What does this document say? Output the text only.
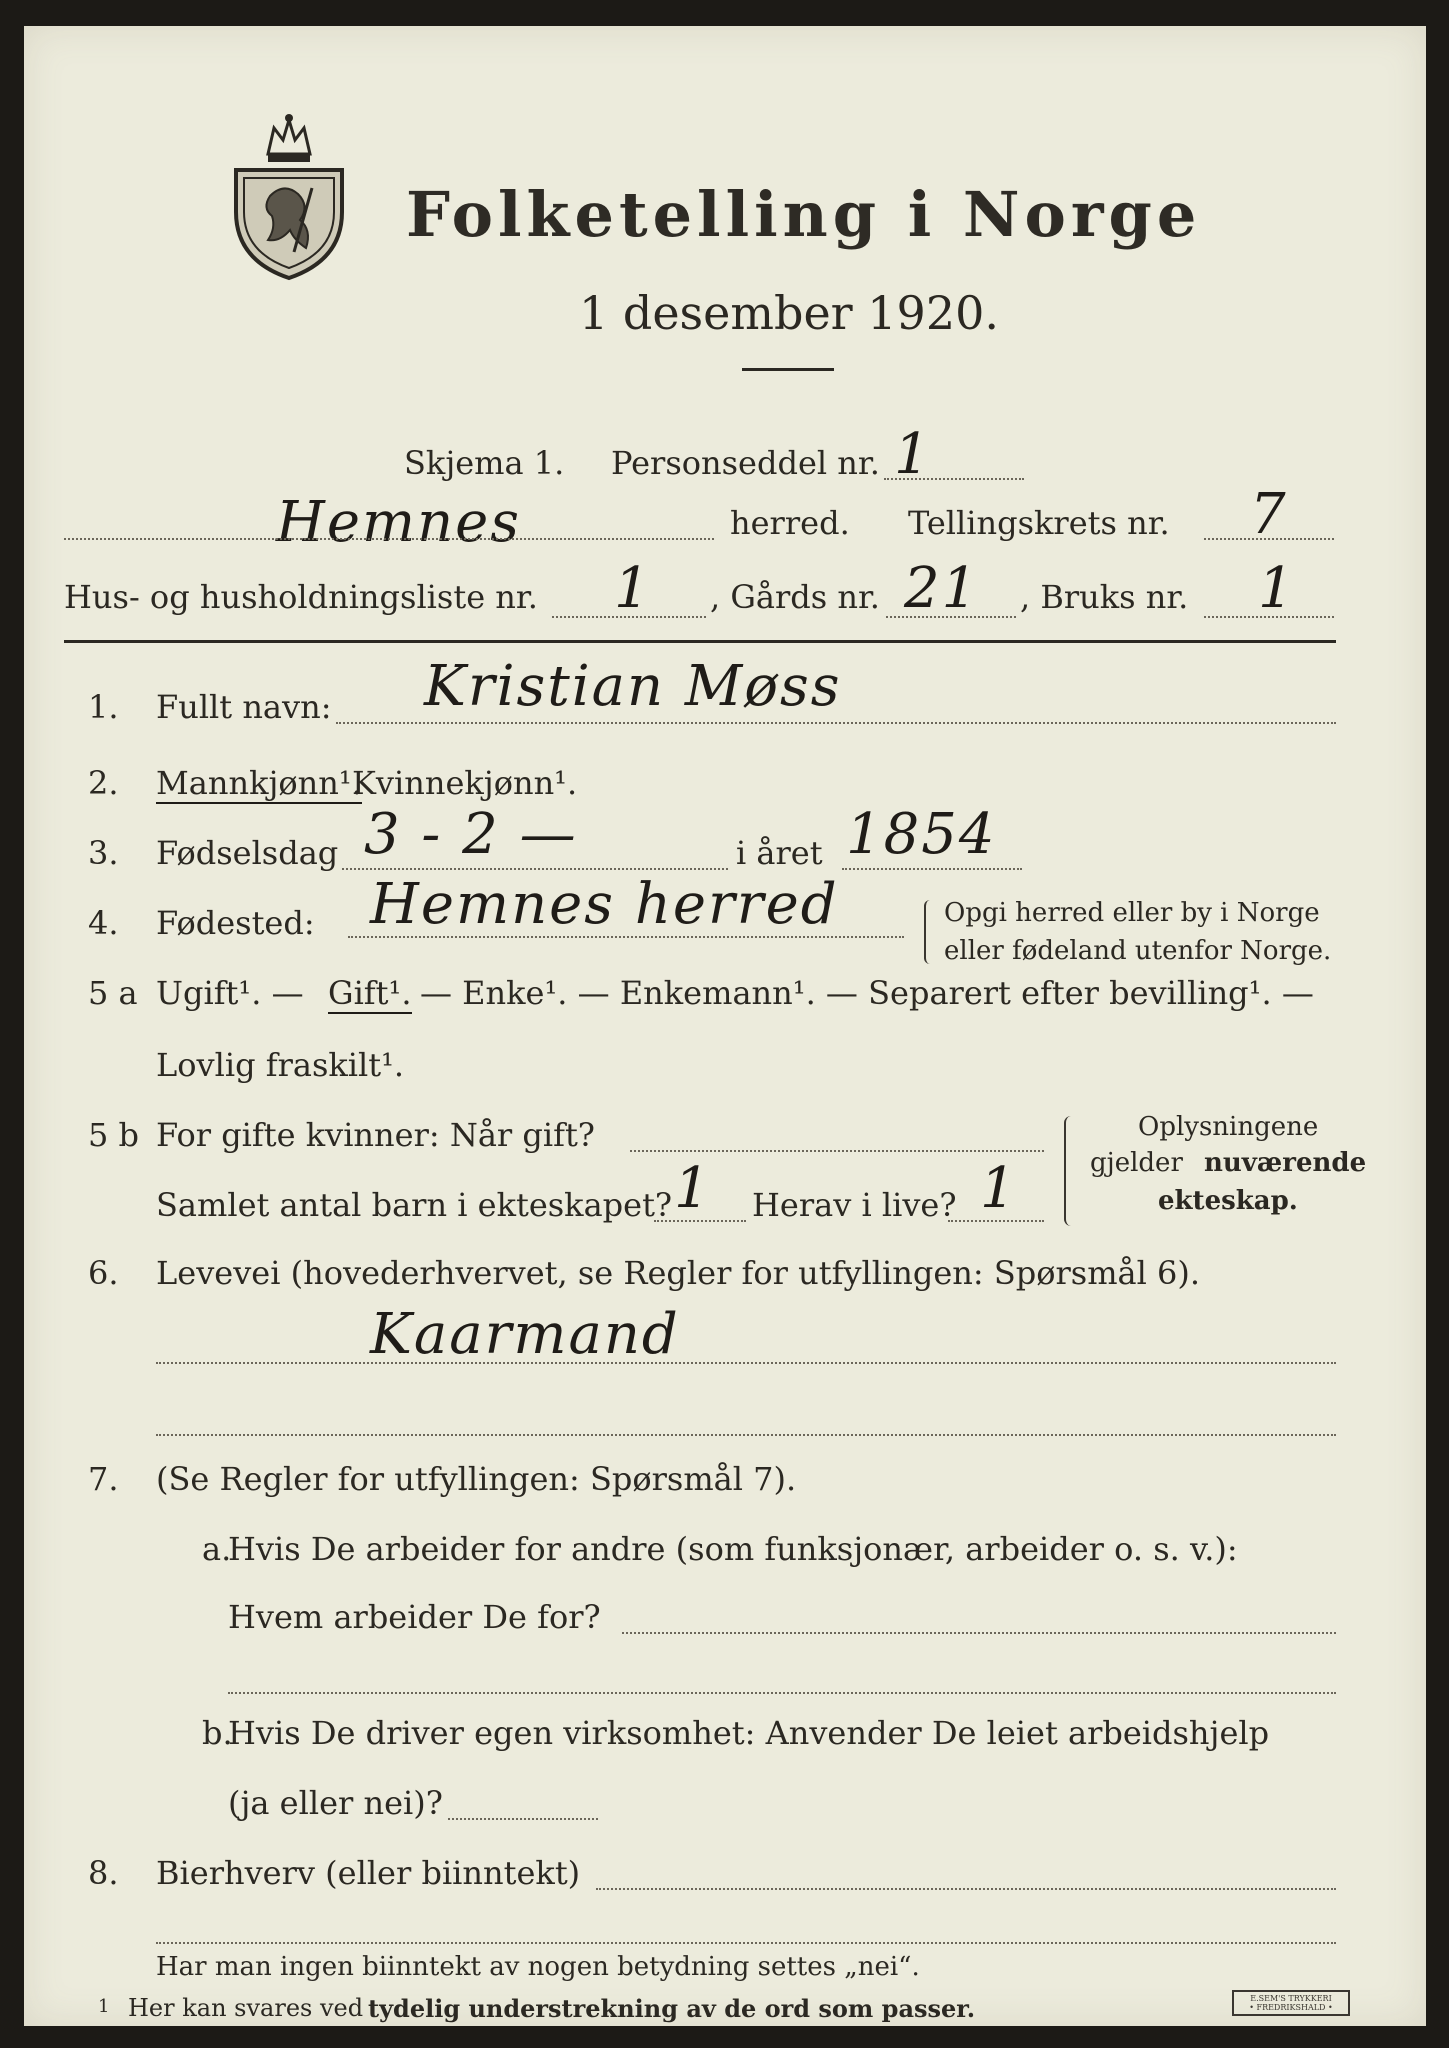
Folketelling i Norge
1 desember 1920.
Skjema 1. Personseddel nr. 1
Hemnes	herred. Tellingskrets nr. 7
Hus- og husholdningsliste nr. 1 , Gårds nr. 21 , Bruks nr. 1
1. Fullt navn: Kristian Møss
2. Mannkjønn¹.
Kvinnekjønn¹.
3. Fødselsdag 3 - 2 —	i året 1854
4. Fødested: Hemnes herred	Opgi herred eller by i Norge
eller fødeland utenfor Norge.
5 a Ugift¹. — Gift¹. — Enke¹. — Enkemann¹. — Separert efter bevilling¹. —
Lovlig fraskilt¹.
5 b For gifte kvinner: Når gift?
Samlet antal barn i ekteskapet? 1 Herav i live? 1
Oplysningene
gjelder nuværende
ekteskap.
6. Levevei (hovederhvervet, se Regler for utfyllingen: Spørsmål 6).
Kaarmand
7. (Se Regler for utfyllingen: Spørsmål 7).
a.
Hvis De arbeider for andre (som funksjonær, arbeider o. s. v.):
Hvem arbeider De for?
b.
Hvis De driver egen virksomhet: Anvender De leiet arbeidshjelp
(ja eller nei)?
8. Bierhverv (eller biinntekt)
Har man ingen biinntekt av nogen betydning settes „nei“.
1 Her kan svares ved tydelig understrekning av de ord som passer.	E.SEM'S TRYKKERI
• FREDRIKSHALD •
